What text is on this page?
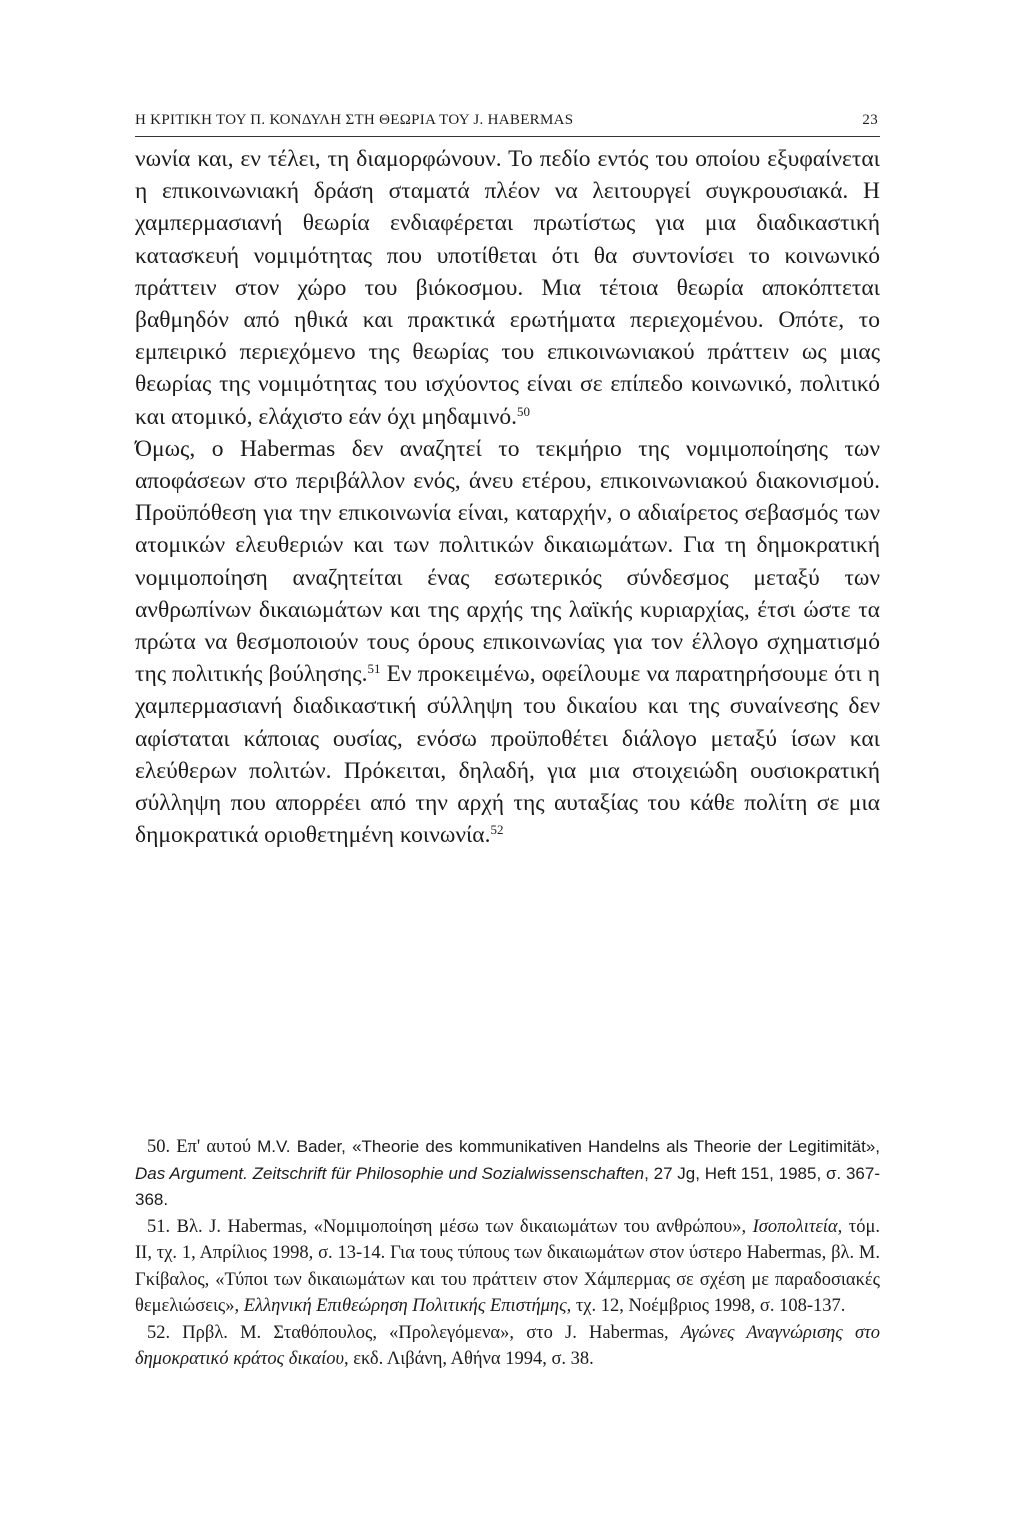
Η ΚΡΙΤΙΚΗ ΤΟΥ Π. ΚΟΝΔΥΛΗ ΣΤΗ ΘΕΩΡΙΑ ΤΟΥ J. HABERMAS	23

νωνία και, εν τέλει, τη διαμορφώνουν. Το πεδίο εντός του οποίου εξυφαίνεται η επικοινωνιακή δράση σταματά πλέον να λειτουργεί συγκρουσιακά. Η χαμπερμασιανή θεωρία ενδιαφέρεται πρωτίστως για μια διαδικαστική κατασκευή νομιμότητας που υποτίθεται ότι θα συντονίσει το κοινωνικό πράττειν στον χώρο του βιόκοσμου. Μια τέτοια θεωρία αποκόπτεται βαθμηδόν από ηθικά και πρακτικά ερωτήματα περιεχομένου. Οπότε, το εμπειρικό περιεχόμενο της θεωρίας του επικοινωνιακού πράττειν ως μιας θεωρίας της νομιμότητας του ισχύοντος είναι σε επίπεδο κοινωνικό, πολιτικό και ατομικό, ελάχιστο εάν όχι μηδαμινό.$^{50}$

Όμως, ο Habermas δεν αναζητεί το τεκμήριο της νομιμοποίησης των αποφάσεων στο περιβάλλον ενός, άνευ ετέρου, επικοινωνιακού διακονισμού. Προϋπόθεση για την επικοινωνία είναι, καταρχήν, ο αδιαίρετος σεβασμός των ατομικών ελευθεριών και των πολιτικών δικαιωμάτων. Για τη δημοκρατική νομιμοποίηση αναζητείται ένας εσωτερικός σύνδεσμος μεταξύ των ανθρωπίνων δικαιωμάτων και της αρχής της λαϊκής κυριαρχίας, έτσι ώστε τα πρώτα να θεσμοποιούν τους όρους επικοινωνίας για τον έλλογο σχηματισμό της πολιτικής βούλησης.$^{51}$ Εν προκειμένω, οφείλουμε να παρατηρήσουμε ότι η χαμπερμασιανή διαδικαστική σύλληψη του δικαίου και της συναίνεσης δεν αφίσταται κάποιας ουσίας, ενόσω προϋποθέτει διάλογο μεταξύ ίσων και ελεύθερων πολιτών. Πρόκειται, δηλαδή, για μια στοιχειώδη ουσιοκρατική σύλληψη που απορρέει από την αρχή της αυταξίας του κάθε πολίτη σε μια δημοκρατικά οριοθετημένη κοινωνία.$^{52}$

50. Επ' αυτού M.V. Bader, «Theorie des kommunikativen Handelns als Theorie der Legitimität», Das Argument. Zeitschrift für Philosophie und Sozialwissenschaften, 27 Jg, Heft 151, 1985, σ. 367-368.

51. Βλ. J. Habermas, «Νομιμοποίηση μέσω των δικαιωμάτων του ανθρώπου», Ισοπολιτεία, τόμ. II, τχ. 1, Απρίλιος 1998, σ. 13-14. Για τους τύπους των δικαιωμάτων στον ύστερο Habermas, βλ. Μ. Γκίβαλος, «Τύποι των δικαιωμάτων και του πράττειν στον Χάμπερμας σε σχέση με παραδοσιακές θεμελιώσεις», Ελληνική Επιθεώρηση Πολιτικής Επιστήμης, τχ. 12, Νοέμβριος 1998, σ. 108-137.

52. Πρβλ. Μ. Σταθόπουλος, «Προλεγόμενα», στο J. Habermas, Αγώνες Αναγνώρισης στο δημοκρατικό κράτος δικαίου, εκδ. Λιβάνη, Αθήνα 1994, σ. 38.
